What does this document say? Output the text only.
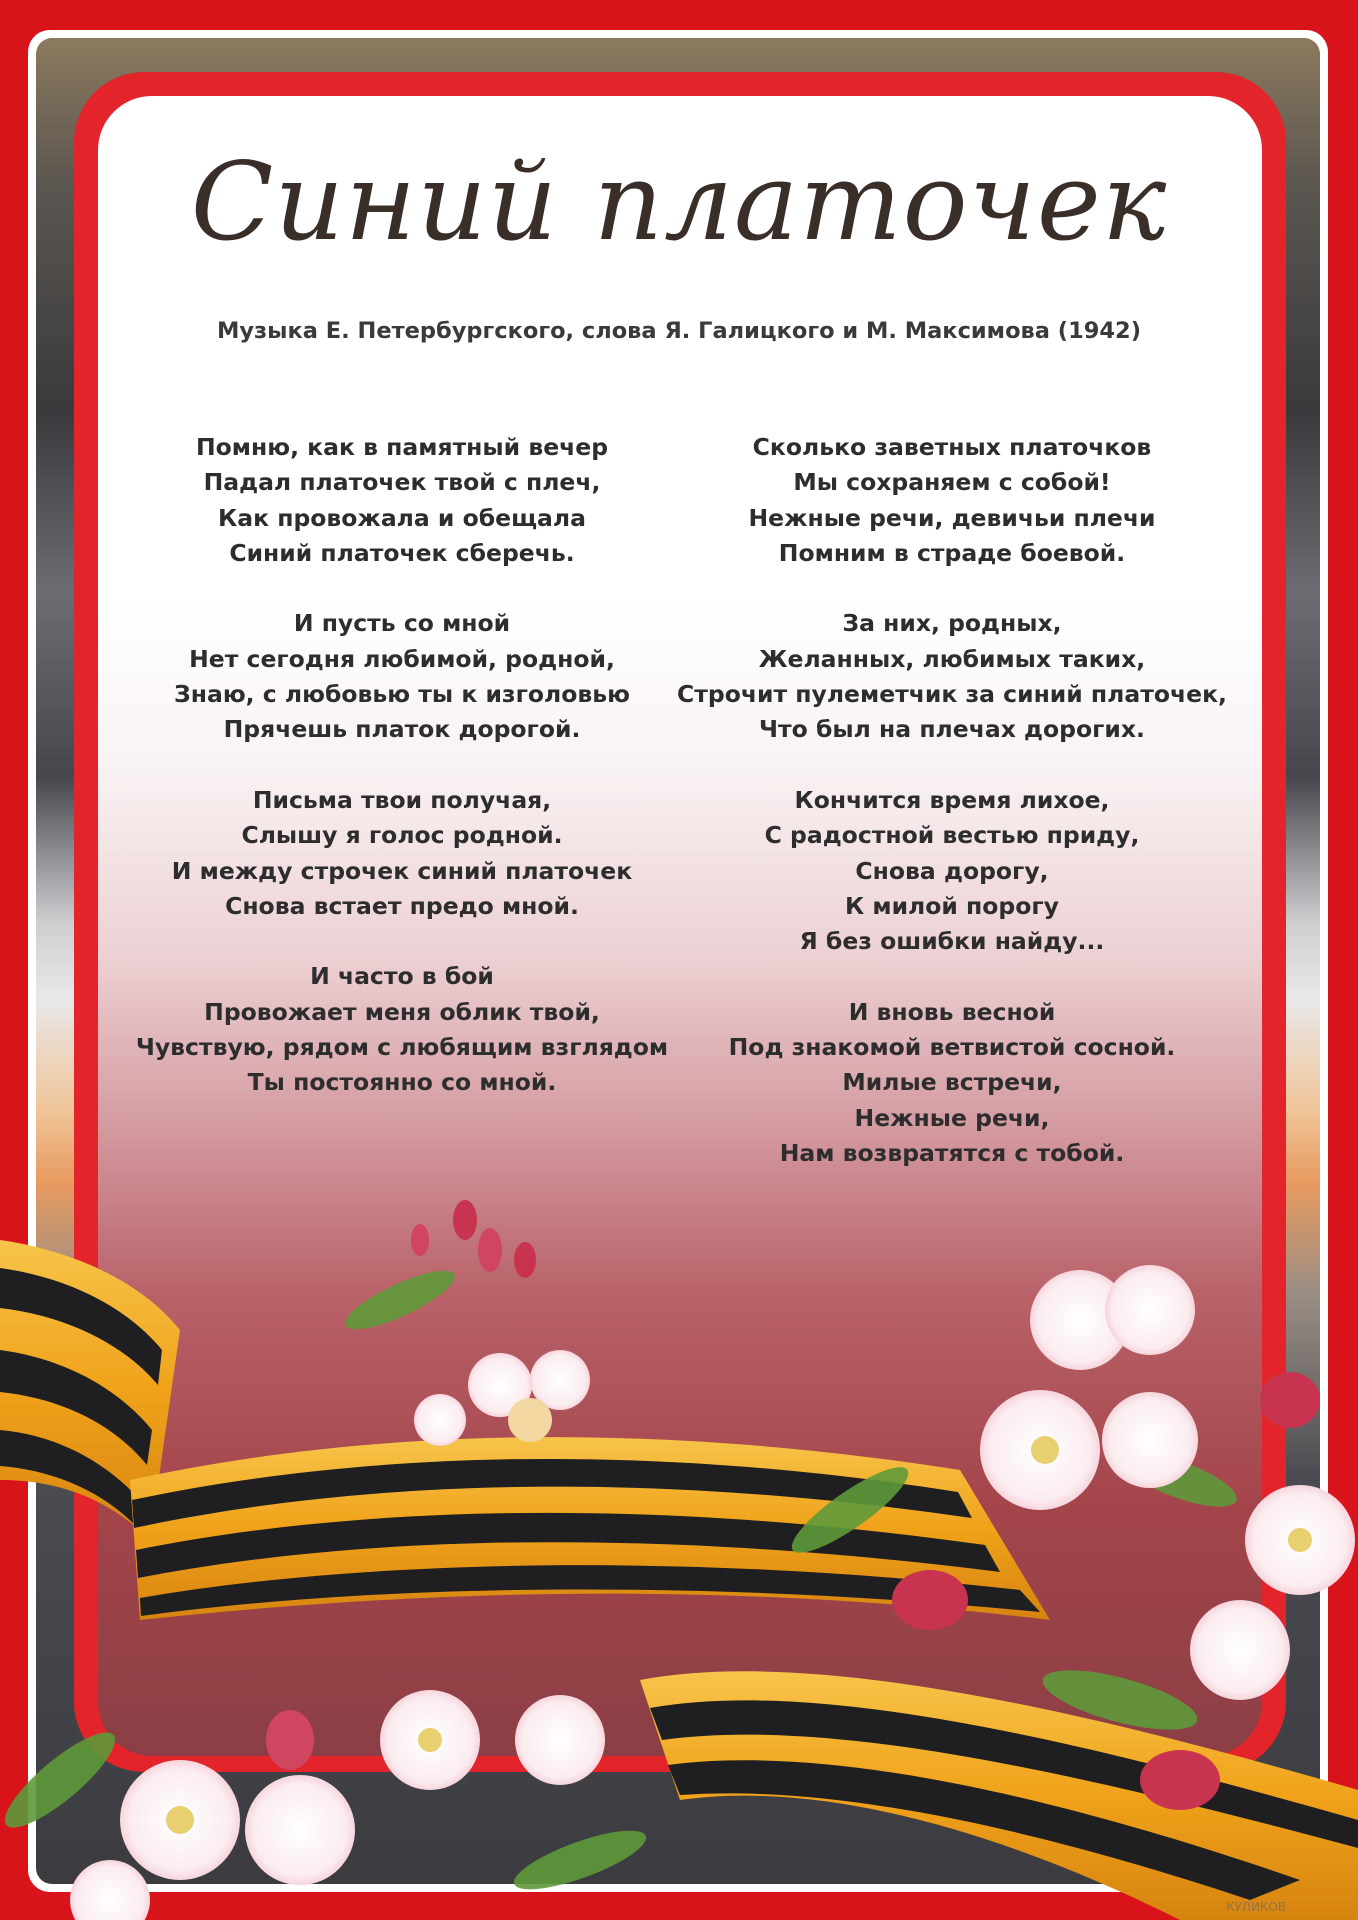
Синий платочек
Музыка Е. Петербургского, слова Я. Галицкого и М. Максимова (1942)
Помню, как в памятный вечер
Падал платочек твой с плеч,
Как провожала и обещала
Синий платочек сберечь.
И пусть со мной
Нет сегодня любимой, родной,
Знаю, с любовью ты к изголовью
Прячешь платок дорогой.
Письма твои получая,
Слышу я голос родной.
И между строчек синий платочек
Снова встает предо мной.
И часто в бой
Провожает меня облик твой,
Чувствую, рядом с любящим взглядом
Ты постоянно со мной.
Сколько заветных платочков
Мы сохраняем с собой!
Нежные речи, девичьи плечи
Помним в страде боевой.
За них, родных,
Желанных, любимых таких,
Строчит пулеметчик за синий платочек,
Что был на плечах дорогих.
Кончится время лихое,
С радостной вестью приду,
Снова дорогу,
К милой порогу
Я без ошибки найду...
И вновь весной
Под знакомой ветвистой сосной.
Милые встречи,
Нежные речи,
Нам возвратятся с тобой.
КУЛИКОВ
